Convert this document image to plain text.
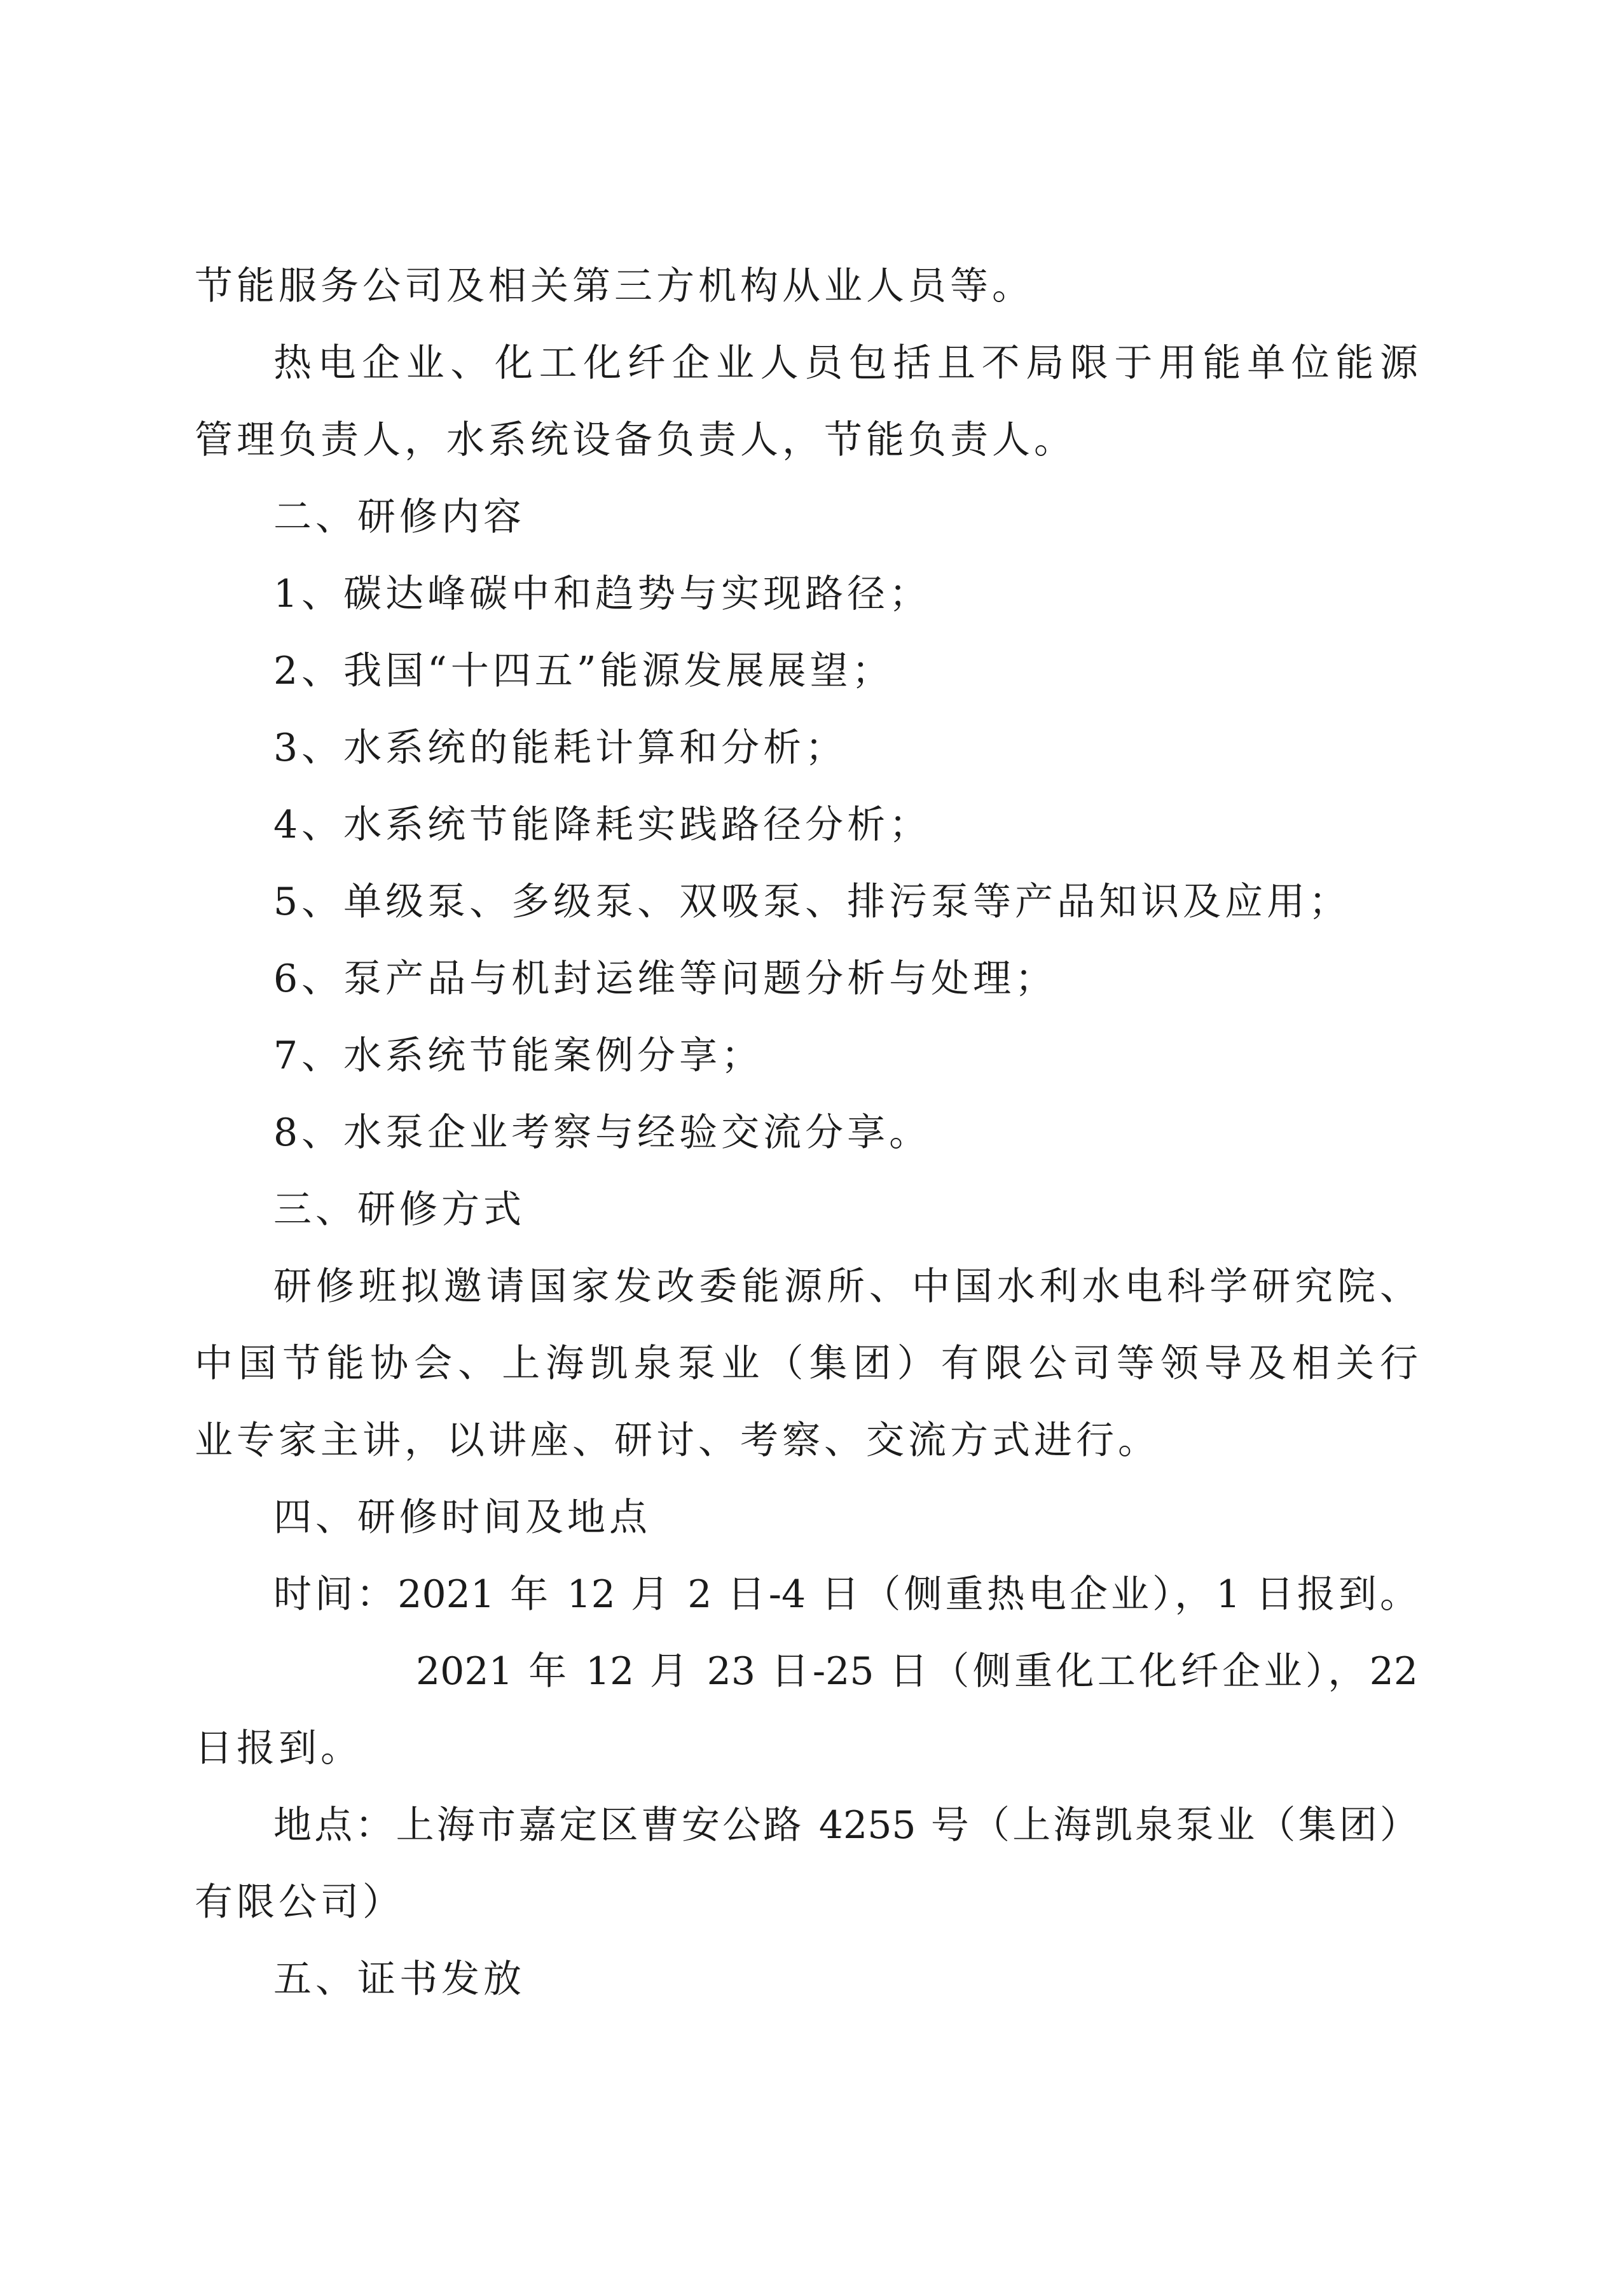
节能服务公司及相关第三方机构从业人员等。
热电企业、化工化纤企业人员包括且不局限于用能单位能源
管理负责人，水系统设备负责人，节能负责人。
二、研修内容
1、碳达峰碳中和趋势与实现路径；
2、我国“十四五”能源发展展望；
3、水系统的能耗计算和分析；
4、水系统节能降耗实践路径分析；
5、单级泵、多级泵、双吸泵、排污泵等产品知识及应用；
6、泵产品与机封运维等问题分析与处理；
7、水系统节能案例分享；
8、水泵企业考察与经验交流分享。
三、研修方式
研修班拟邀请国家发改委能源所、中国水利水电科学研究院、
中国节能协会、上海凯泉泵业（集团）有限公司等领导及相关行
业专家主讲，以讲座、研讨、考察、交流方式进行。
四、研修时间及地点
时间：2021 年 12 月 2 日-4 日（侧重热电企业），1 日报到。
2021 年 12 月 23 日-25 日（侧重化工化纤企业），22
日报到。
地点：上海市嘉定区曹安公路 4255 号（上海凯泉泵业（集团）
有限公司）
五、证书发放
